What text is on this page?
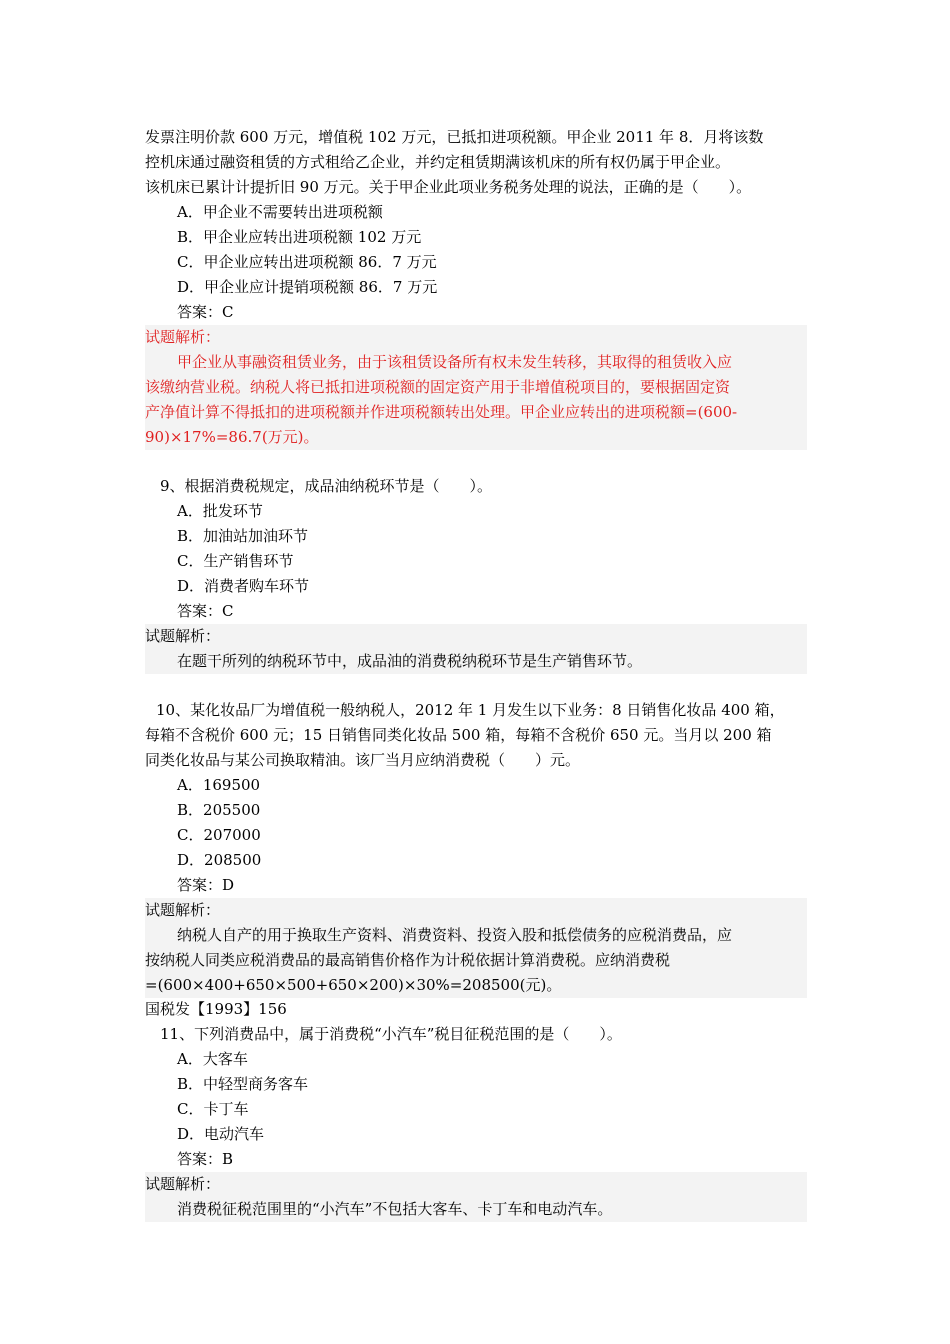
发票注明价款 600 万元，增值税 102 万元，已抵扣进项税额。甲企业 2011 年 8．月将该数
控机床通过融资租赁的方式租给乙企业，并约定租赁期满该机床的所有权仍属于甲企业。
该机床已累计计提折旧 90 万元。关于甲企业此项业务税务处理的说法，正确的是（　　）。
A．甲企业不需要转出进项税额
B．甲企业应转出进项税额 102 万元
C．甲企业应转出进项税额 86．7 万元
D．甲企业应计提销项税额 86．7 万元
答案：C
试题解析：
甲企业从事融资租赁业务，由于该租赁设备所有权未发生转移，其取得的租赁收入应
该缴纳营业税。纳税人将已抵扣进项税额的固定资产用于非增值税项目的，要根据固定资
产净值计算不得抵扣的进项税额并作进项税额转出处理。甲企业应转出的进项税额=(600-
90)×17%=86.7(万元)。
9、根据消费税规定，成品油纳税环节是（　　）。
A．批发环节
B．加油站加油环节
C．生产销售环节
D．消费者购车环节
答案：C
试题解析：
在题干所列的纳税环节中，成品油的消费税纳税环节是生产销售环节。
10、某化妆品厂为增值税一般纳税人，2012 年 1 月发生以下业务：8 日销售化妆品 400 箱，
每箱不含税价 600 元；15 日销售同类化妆品 500 箱，每箱不含税价 650 元。当月以 200 箱
同类化妆品与某公司换取精油。该厂当月应纳消费税（　　）元。
A．169500
B．205500
C．207000
D．208500
答案：D
试题解析：
纳税人自产的用于换取生产资料、消费资料、投资入股和抵偿债务的应税消费品，应
按纳税人同类应税消费品的最高销售价格作为计税依据计算消费税。应纳消费税
=(600×400+650×500+650×200)×30%=208500(元)。
国税发【1993】156
11、下列消费品中，属于消费税“小汽车”税目征税范围的是（　　）。
A．大客车
B．中轻型商务客车
C．卡丁车
D．电动汽车
答案：B
试题解析：
消费税征税范围里的“小汽车”不包括大客车、卡丁车和电动汽车。
